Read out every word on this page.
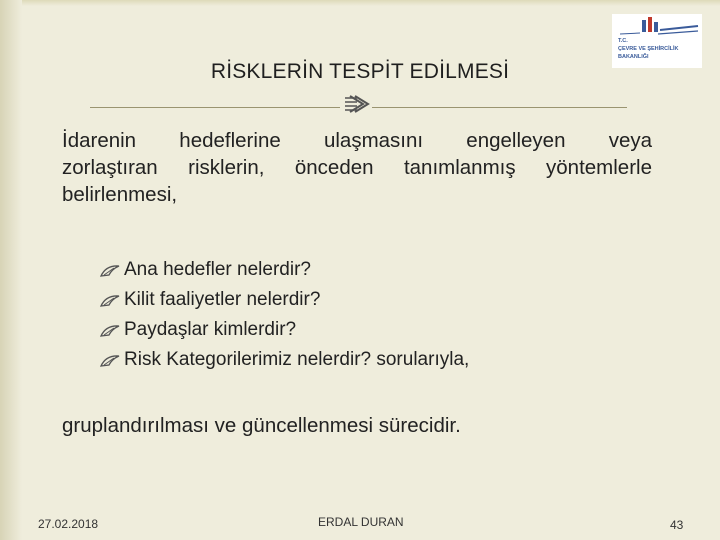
T.C.
ÇEVRE VE ŞEHİRCİLİK
BAKANLIĞI
RİSKLERİN TESPİT EDİLMESİ
İdarenin hedeflerine ulaşmasını engelleyen veya
zorlaştıran risklerin, önceden tanımlanmış yöntemlerle
belirlenmesi,
Ana hedefler nelerdir?
Kilit faaliyetler nelerdir?
Paydaşlar kimlerdir?
Risk Kategorilerimiz nelerdir? sorularıyla,
gruplandırılması ve güncellenmesi sürecidir.
27.02.2018	ERDAL DURAN	43
